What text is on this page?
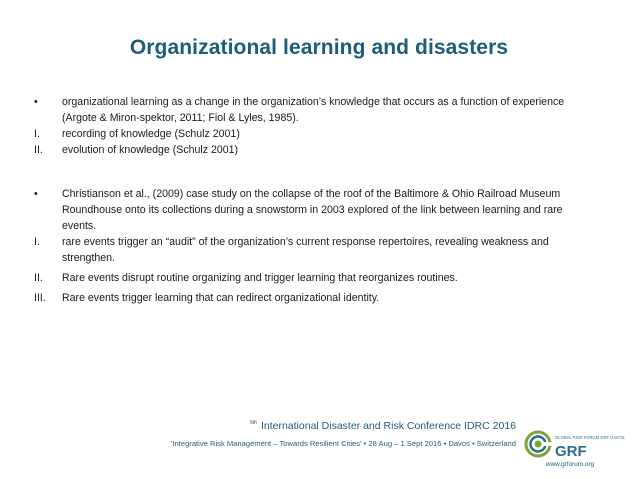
Organizational learning and disasters
•	organizational learning as a change in the organization’s knowledge that occurs as a function of experience (Argote & Miron-spektor, 2011; Fiol & Lyles, 1985).
I.	recording of knowledge (Schulz 2001)
II.	evolution of knowledge (Schulz 2001)
•	Christianson et al., (2009) case study on the collapse of the roof of the Baltimore & Ohio Railroad Museum Roundhouse onto its collections during a snowstorm in 2003 explored of the link between learning and rare events.
I.	rare events trigger an “audit” of the organization’s current response repertoires, revealing weakness and strengthen.
II.	Rare events disrupt routine organizing and trigger learning that reorganizes routines.
III.	Rare events trigger learning that can redirect organizational identity.
$^{6th}$ International Disaster and Risk Conference IDRC 2016
'Integrative Risk Management – Towards Resilient Cities' • 28 Aug – 1 Sept 2016 • Davos • Switzerland
GLOBAL RISK FORUM GRF DAVOS
GRF
www.grforum.org
